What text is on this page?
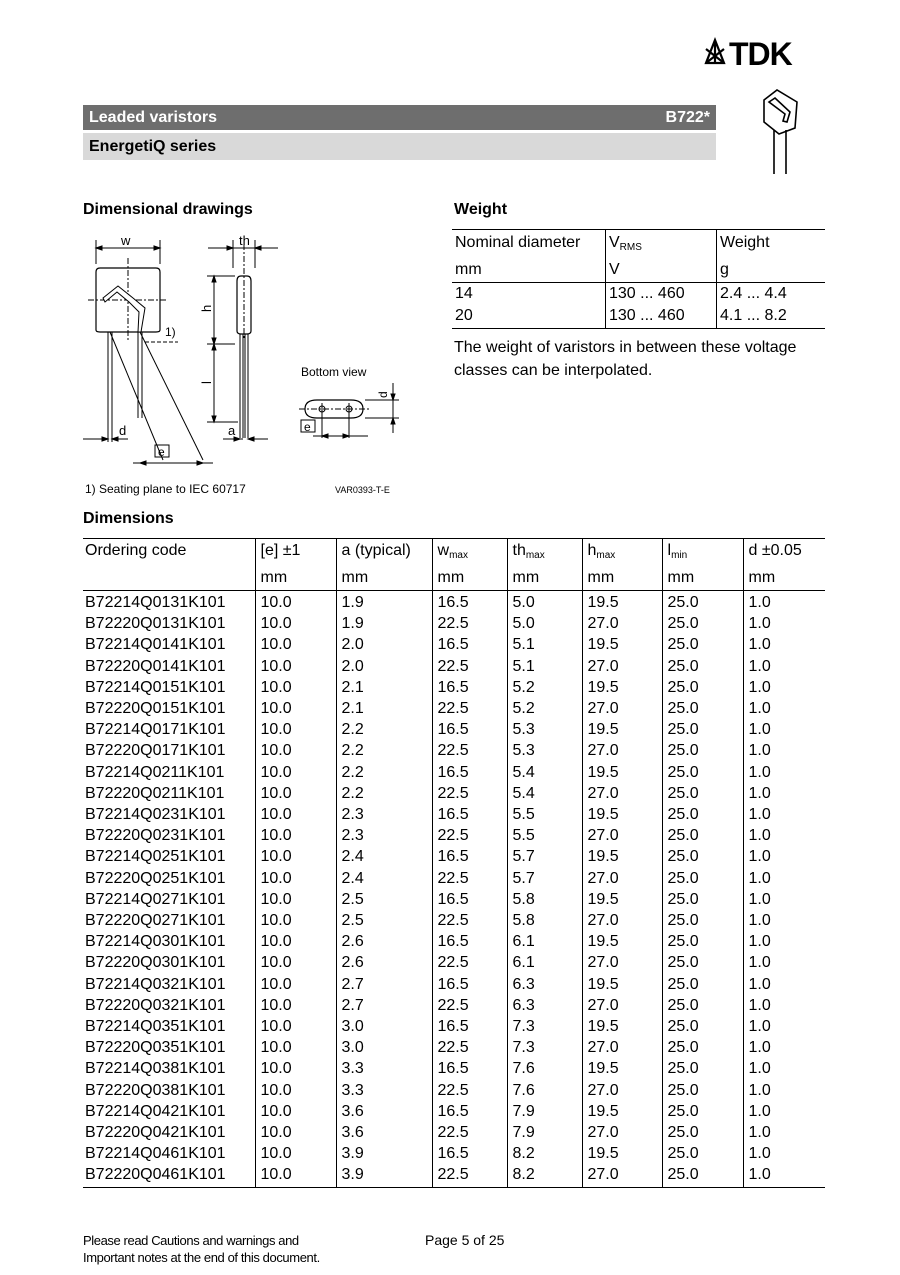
TDK
Leaded varistors	B722*
EnergetiQ series
Dimensional drawings	Weight
w	th
h
l
d	a
e
e
d
1)
Bottom view
1) Seating plane to IEC 60717	VAR0393-T-E
Nominal diameter	$V_{RMS}$	Weight
mm	V	g
14	130 ... 460	2.4 ... 4.4
20	130 ... 460	4.1 ... 8.2
The weight of varistors in between these voltage classes can be interpolated.
Dimensions
Ordering code	[e] ±1	a (typical)	$w_{max}$	$th_{max}$	$h_{max}$	$l_{min}$	d ±0.05
	mm	mm	mm	mm	mm	mm	mm
B72214Q0131K101	10.0	1.9	16.5	5.0	19.5	25.0	1.0
B72220Q0131K101	10.0	1.9	22.5	5.0	27.0	25.0	1.0
B72214Q0141K101	10.0	2.0	16.5	5.1	19.5	25.0	1.0
B72220Q0141K101	10.0	2.0	22.5	5.1	27.0	25.0	1.0
B72214Q0151K101	10.0	2.1	16.5	5.2	19.5	25.0	1.0
B72220Q0151K101	10.0	2.1	22.5	5.2	27.0	25.0	1.0
B72214Q0171K101	10.0	2.2	16.5	5.3	19.5	25.0	1.0
B72220Q0171K101	10.0	2.2	22.5	5.3	27.0	25.0	1.0
B72214Q0211K101	10.0	2.2	16.5	5.4	19.5	25.0	1.0
B72220Q0211K101	10.0	2.2	22.5	5.4	27.0	25.0	1.0
B72214Q0231K101	10.0	2.3	16.5	5.5	19.5	25.0	1.0
B72220Q0231K101	10.0	2.3	22.5	5.5	27.0	25.0	1.0
B72214Q0251K101	10.0	2.4	16.5	5.7	19.5	25.0	1.0
B72220Q0251K101	10.0	2.4	22.5	5.7	27.0	25.0	1.0
B72214Q0271K101	10.0	2.5	16.5	5.8	19.5	25.0	1.0
B72220Q0271K101	10.0	2.5	22.5	5.8	27.0	25.0	1.0
B72214Q0301K101	10.0	2.6	16.5	6.1	19.5	25.0	1.0
B72220Q0301K101	10.0	2.6	22.5	6.1	27.0	25.0	1.0
B72214Q0321K101	10.0	2.7	16.5	6.3	19.5	25.0	1.0
B72220Q0321K101	10.0	2.7	22.5	6.3	27.0	25.0	1.0
B72214Q0351K101	10.0	3.0	16.5	7.3	19.5	25.0	1.0
B72220Q0351K101	10.0	3.0	22.5	7.3	27.0	25.0	1.0
B72214Q0381K101	10.0	3.3	16.5	7.6	19.5	25.0	1.0
B72220Q0381K101	10.0	3.3	22.5	7.6	27.0	25.0	1.0
B72214Q0421K101	10.0	3.6	16.5	7.9	19.5	25.0	1.0
B72220Q0421K101	10.0	3.6	22.5	7.9	27.0	25.0	1.0
B72214Q0461K101	10.0	3.9	16.5	8.2	19.5	25.0	1.0
B72220Q0461K101	10.0	3.9	22.5	8.2	27.0	25.0	1.0
Please read Cautions and warnings and
Important notes at the end of this document.
Page 5 of 25
